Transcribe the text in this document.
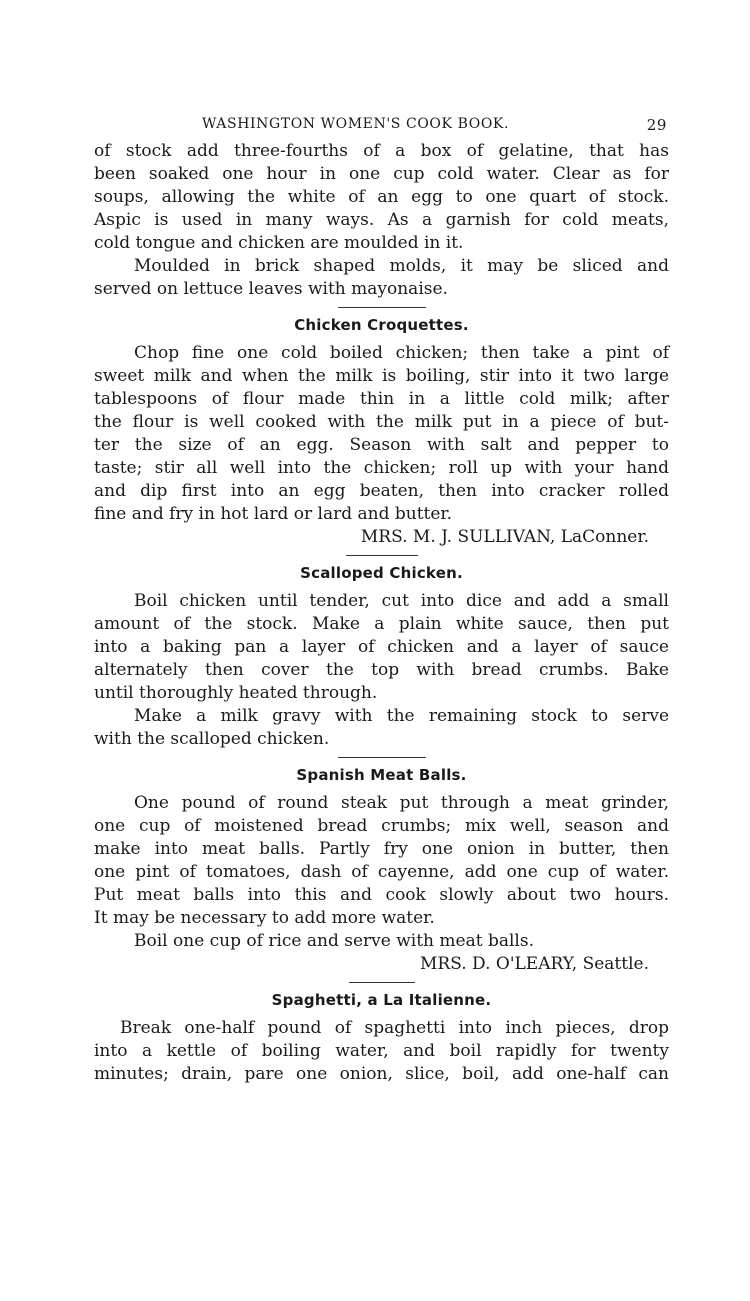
WASHINGTON WOMEN'S COOK BOOK.	29
of stock add three-fourths of a box of gelatine, that has
been soaked one hour in one cup cold water. Clear as for
soups, allowing the white of an egg to one quart of stock.
Aspic is used in many ways. As a garnish for cold meats,
cold tongue and chicken are moulded in it.
Moulded in brick shaped molds, it may be sliced and
served on lettuce leaves with mayonaise.
Chicken Croquettes.
Chop fine one cold boiled chicken; then take a pint of
sweet milk and when the milk is boiling, stir into it two large
tablespoons of flour made thin in a little cold milk; after
the flour is well cooked with the milk put in a piece of but-
ter the size of an egg. Season with salt and pepper to
taste; stir all well into the chicken; roll up with your hand
and dip first into an egg beaten, then into cracker rolled
fine and fry in hot lard or lard and butter.
MRS. M. J. SULLIVAN, LaConner.
Scalloped Chicken.
Boil chicken until tender, cut into dice and add a small
amount of the stock. Make a plain white sauce, then put
into a baking pan a layer of chicken and a layer of sauce
alternately then cover the top with bread crumbs. Bake
until thoroughly heated through.
Make a milk gravy with the remaining stock to serve
with the scalloped chicken.
Spanish Meat Balls.
One pound of round steak put through a meat grinder,
one cup of moistened bread crumbs; mix well, season and
make into meat balls. Partly fry one onion in butter, then
one pint of tomatoes, dash of cayenne, add one cup of water.
Put meat balls into this and cook slowly about two hours.
It may be necessary to add more water.
Boil one cup of rice and serve with meat balls.
MRS. D. O'LEARY, Seattle.
Spaghetti, a La Italienne.
Break one-half pound of spaghetti into inch pieces, drop
into a kettle of boiling water, and boil rapidly for twenty
minutes; drain, pare one onion, slice, boil, add one-half can
